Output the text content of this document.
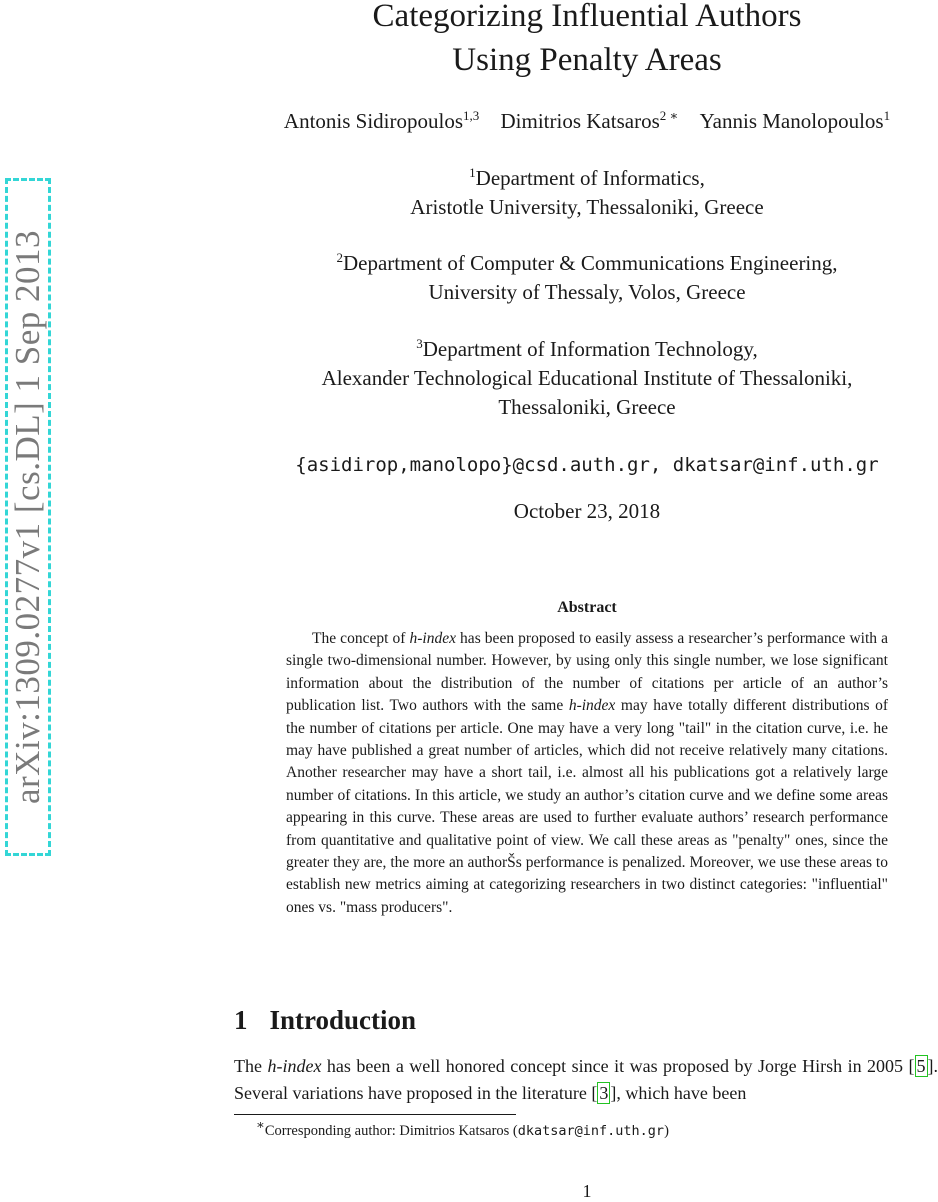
arXiv:1309.0277v1 [cs.DL] 1 Sep 2013
Categorizing Influential Authors
Using Penalty Areas
Antonis Sidiropoulos$^{1,3}$ Dimitrios Katsaros$^{2 ∗}$ Yannis Manolopoulos$^1$

$^1$Department of Informatics,

Aristotle University, Thessaloniki, Greece

$^2$Department of Computer & Communications Engineering,

University of Thessaly, Volos, Greece

$^3$Department of Information Technology,

Alexander Technological Educational Institute of Thessaloniki,

Thessaloniki, Greece

{asidirop,manolopo}@csd.auth.gr, dkatsar@inf.uth.gr
October 23, 2018
Abstract

The concept of h-index has been proposed to easily assess a researcher’s performance with a single two-dimensional number. However, by using only this single number, we lose significant information about the distribution of the number of citations per article of an author’s publication list. Two authors with the same h-index may have totally different distributions of the number of citations per article. One may have a very long "tail" in the citation curve, i.e. he may have published a great number of articles, which did not receive relatively many citations. Another researcher may have a short tail, i.e. almost all his publications got a relatively large number of citations. In this article, we study an author’s citation curve and we define some areas appearing in this curve. These areas are used to further evaluate authors’ research performance from quantitative and qualitative point of view. We call these areas as "penalty" ones, since the greater they are, the more an authorŠs performance is penalized. Moreover, we use these areas to establish new metrics aiming at categorizing researchers in two distinct categories: "influential" ones vs. "mass producers".

1 Introduction

The h-index has been a well honored concept since it was proposed by Jorge Hirsh in 2005 [ 5 ]. Several variations have proposed in the literature [ 3 ], which have been

∗Corresponding author: Dimitrios Katsaros (dkatsar@inf.uth.gr)
1
